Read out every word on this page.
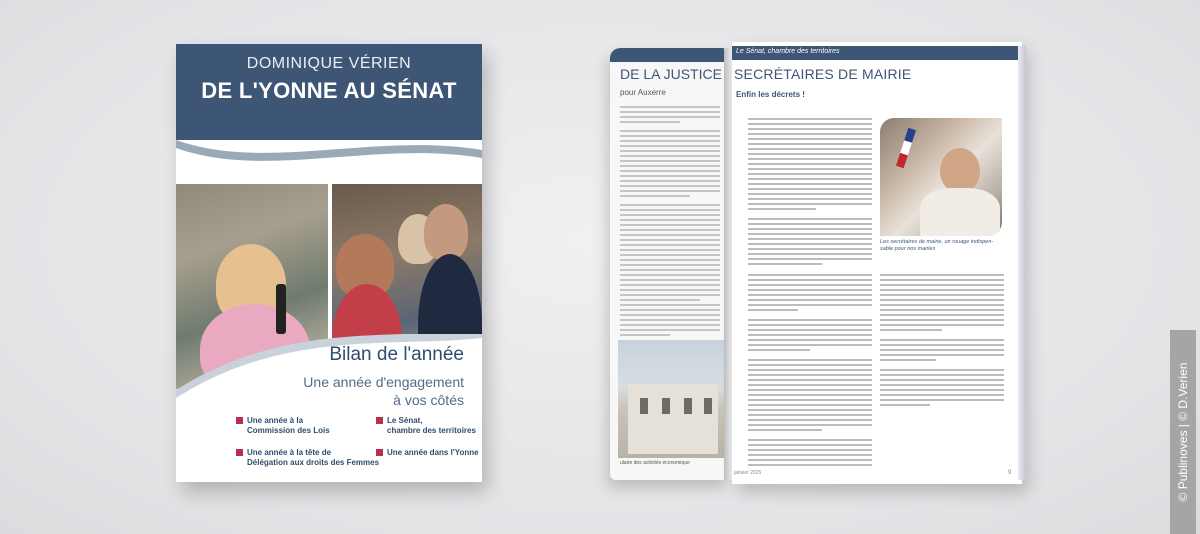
DOMINIQUE VÉRIEN
DE L'YONNE AU SÉNAT
Bilan de l'année
Une année d'engagement
à vos côtés
Une année à la
Commission des Lois
Le Sénat,
chambre des territoires
Une année à la tête de
Délégation aux droits des Femmes
Une année dans l'Yonne
DE LA JUSTICE
pour Auxerre
ulaire des activités économique
Le Sénat, chambre des territoires
SECRÉTAIRES DE MAIRIE
Enfin les décrets !
Les secrétaires de mairie, un rouage indispen-sable pour nos mairies
janvier 2025	9	© Publinoves | © D.Verien
